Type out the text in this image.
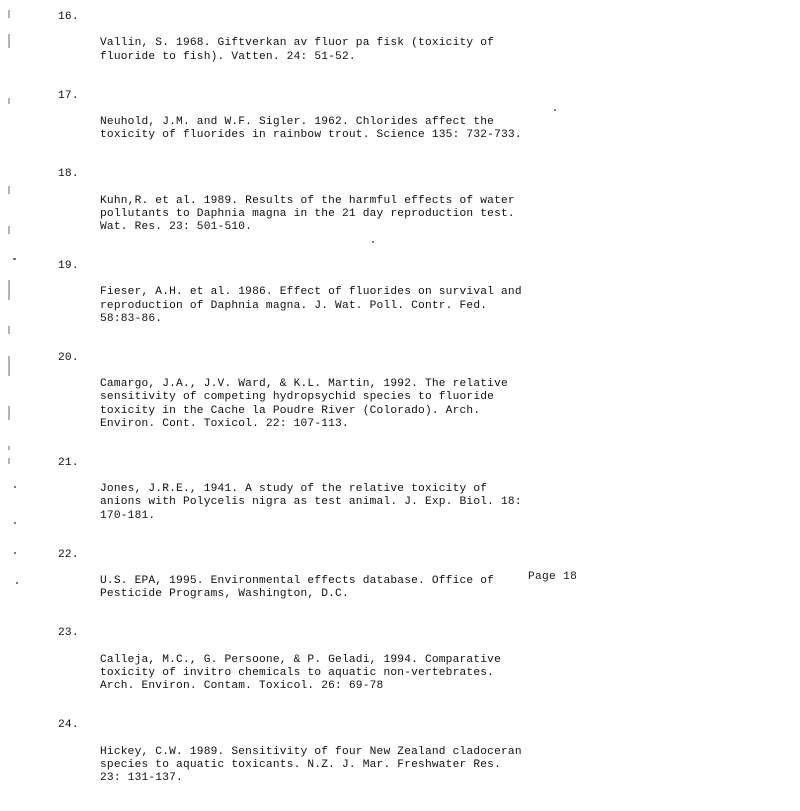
16.

Vallin, S. 1968. Giftverkan av fluor pa fisk (toxicity of
fluoride to fish). Vatten. 24: 51-52.

17.

Neuhold, J.M. and W.F. Sigler. 1962. Chlorides affect the
toxicity of fluorides in rainbow trout. Science 135: 732-733.

18.

Kuhn,R. et al. 1989. Results of the harmful effects of water
pollutants to Daphnia magna in the 21 day reproduction test.
Wat. Res. 23: 501-510.

19.

Fieser, A.H. et al. 1986. Effect of fluorides on survival and
reproduction of Daphnia magna. J. Wat. Poll. Contr. Fed.
58:83-86.

20.

Camargo, J.A., J.V. Ward, & K.L. Martin, 1992. The relative
sensitivity of competing hydropsychid species to fluoride
toxicity in the Cache la Poudre River (Colorado). Arch.
Environ. Cont. Toxicol. 22: 107-113.

21.

Jones, J.R.E., 1941. A study of the relative toxicity of
anions with Polycelis nigra as test animal. J. Exp. Biol. 18:
170-181.

22.

U.S. EPA, 1995. Environmental effects database. Office of
Pesticide Programs, Washington, D.C.

23.

Calleja, M.C., G. Persoone, & P. Geladi, 1994. Comparative
toxicity of invitro chemicals to aquatic non-vertebrates.
Arch. Environ. Contam. Toxicol. 26: 69-78

24.

Hickey, C.W. 1989. Sensitivity of four New Zealand cladoceran
species to aquatic toxicants. N.Z. J. Mar. Freshwater Res.
23: 131-137.

Page 18
